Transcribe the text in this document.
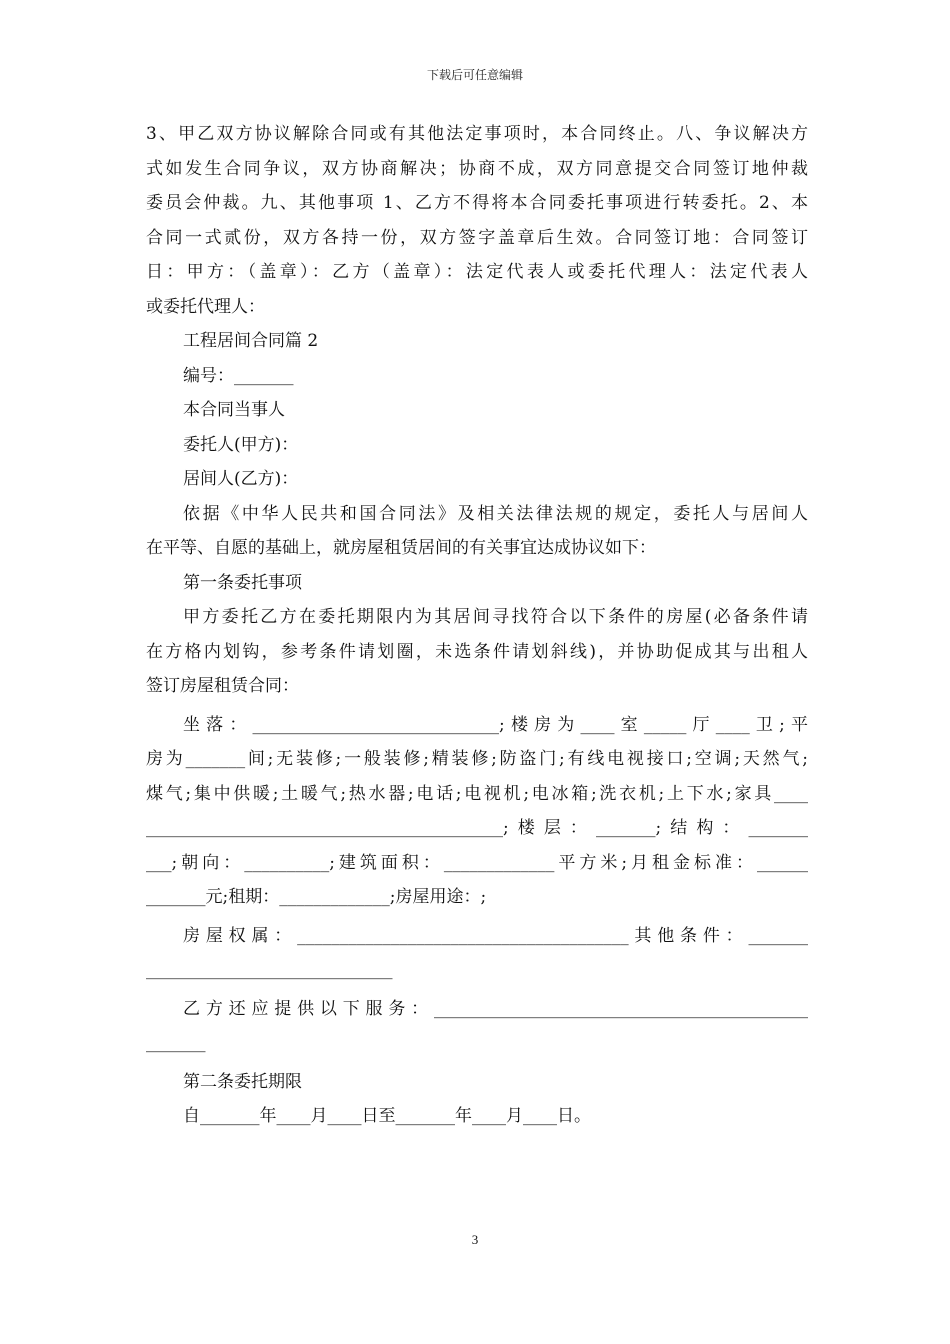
下载后可任意编辑

3、甲乙双方协议解除合同或有其他法定事项时，本合同终止。八、争议解决方

式如发生合同争议，双方协商解决；协商不成，双方同意提交合同签订地仲裁

委员会仲裁。九、其他事项 1、乙方不得将本合同委托事项进行转委托。2、本

合同一式贰份，双方各持一份，双方签字盖章后生效。合同签订地：合同签订

日：甲方：（盖章）：乙方（盖章）：法定代表人或委托代理人：法定代表人

或委托代理人：

工程居间合同篇 2

编号：_______

本合同当事人

委托人(甲方)：

居间人(乙方)：

依据《中华人民共和国合同法》及相关法律法规的规定，委托人与居间人

在平等、自愿的基础上，就房屋租赁居间的有关事宜达成协议如下：

第一条委托事项

甲方委托乙方在委托期限内为其居间寻找符合以下条件的房屋(必备条件请

在方格内划钩，参考条件请划圈，未选条件请划斜线)，并协助促成其与出租人

签订房屋租赁合同：

坐落：_____________________________;楼房为____室_____厅____卫;平

房为_______间;无装修;一般装修;精装修;防盗门;有线电视接口;空调;天然气;

煤气;集中供暖;土暖气;热水器;电话;电视机;电冰箱;洗衣机;上下水;家具____

__________________________________________;楼层：_______;结构：_______

___;朝向：__________;建筑面积：_____________平方米;月租金标准：______

_______元;租期：_____________;房屋用途：;

房屋权属：_______________________________________其他条件：_______

_____________________________

乙方还应提供以下服务：____________________________________________

_______

第二条委托期限

自_______年____月____日至_______年____月____日。

3
